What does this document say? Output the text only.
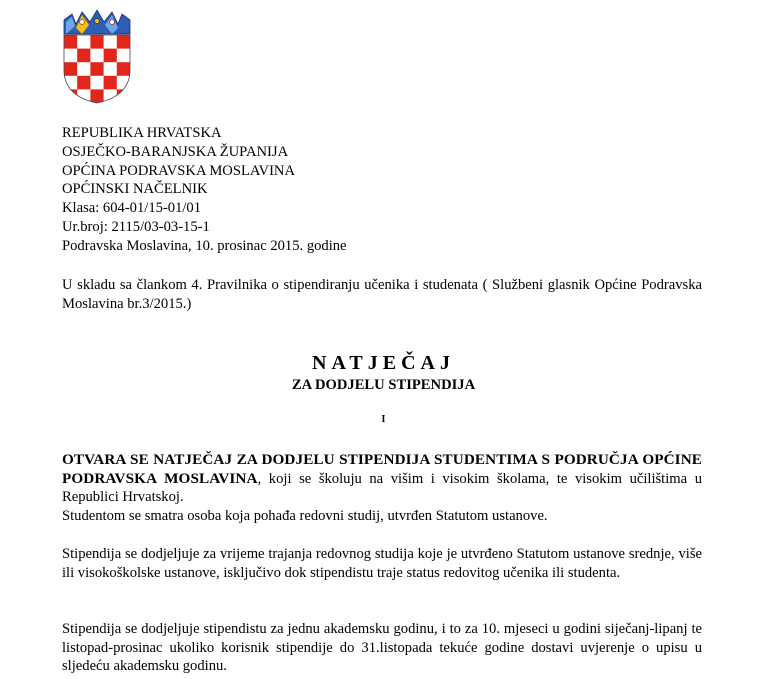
REPUBLIKA HRVATSKA
OSJEČKO-BARANJSKA ŽUPANIJA
OPĆINA PODRAVSKA MOSLAVINA
OPĆINSKI NAČELNIK
Klasa: 604-01/15-01/01
Ur.broj: 2115/03-03-15-1
Podravska Moslavina, 10. prosinac 2015. godine
U skladu sa člankom 4. Pravilnika o stipendiranju učenika i studenata ( Službeni glasnik Općine Podravska Moslavina br.3/2015.)
NATJEČAJ
ZA DODJELU STIPENDIJA
I
OTVARA SE NATJEČAJ ZA DODJELU STIPENDIJA STUDENTIMA S PODRUČJA OPĆINE PODRAVSKA MOSLAVINA, koji se školuju na višim i visokim školama, te visokim učilištima u Republici Hrvatskoj.
Studentom se smatra osoba koja pohađa redovni studij, utvrđen Statutom ustanove.
Stipendija se dodjeljuje za vrijeme trajanja redovnog studija koje je utvrđeno Statutom ustanove srednje, više ili visokoškolske ustanove, isključivo dok stipendistu traje status redovitog učenika ili studenta.
Stipendija se dodjeljuje stipendistu za jednu akademsku godinu, i to za 10. mjeseci u godini siječanj-lipanj te listopad-prosinac ukoliko korisnik stipendije do 31.listopada tekuće godine dostavi uvjerenje o upisu u sljedeću akademsku godinu.
